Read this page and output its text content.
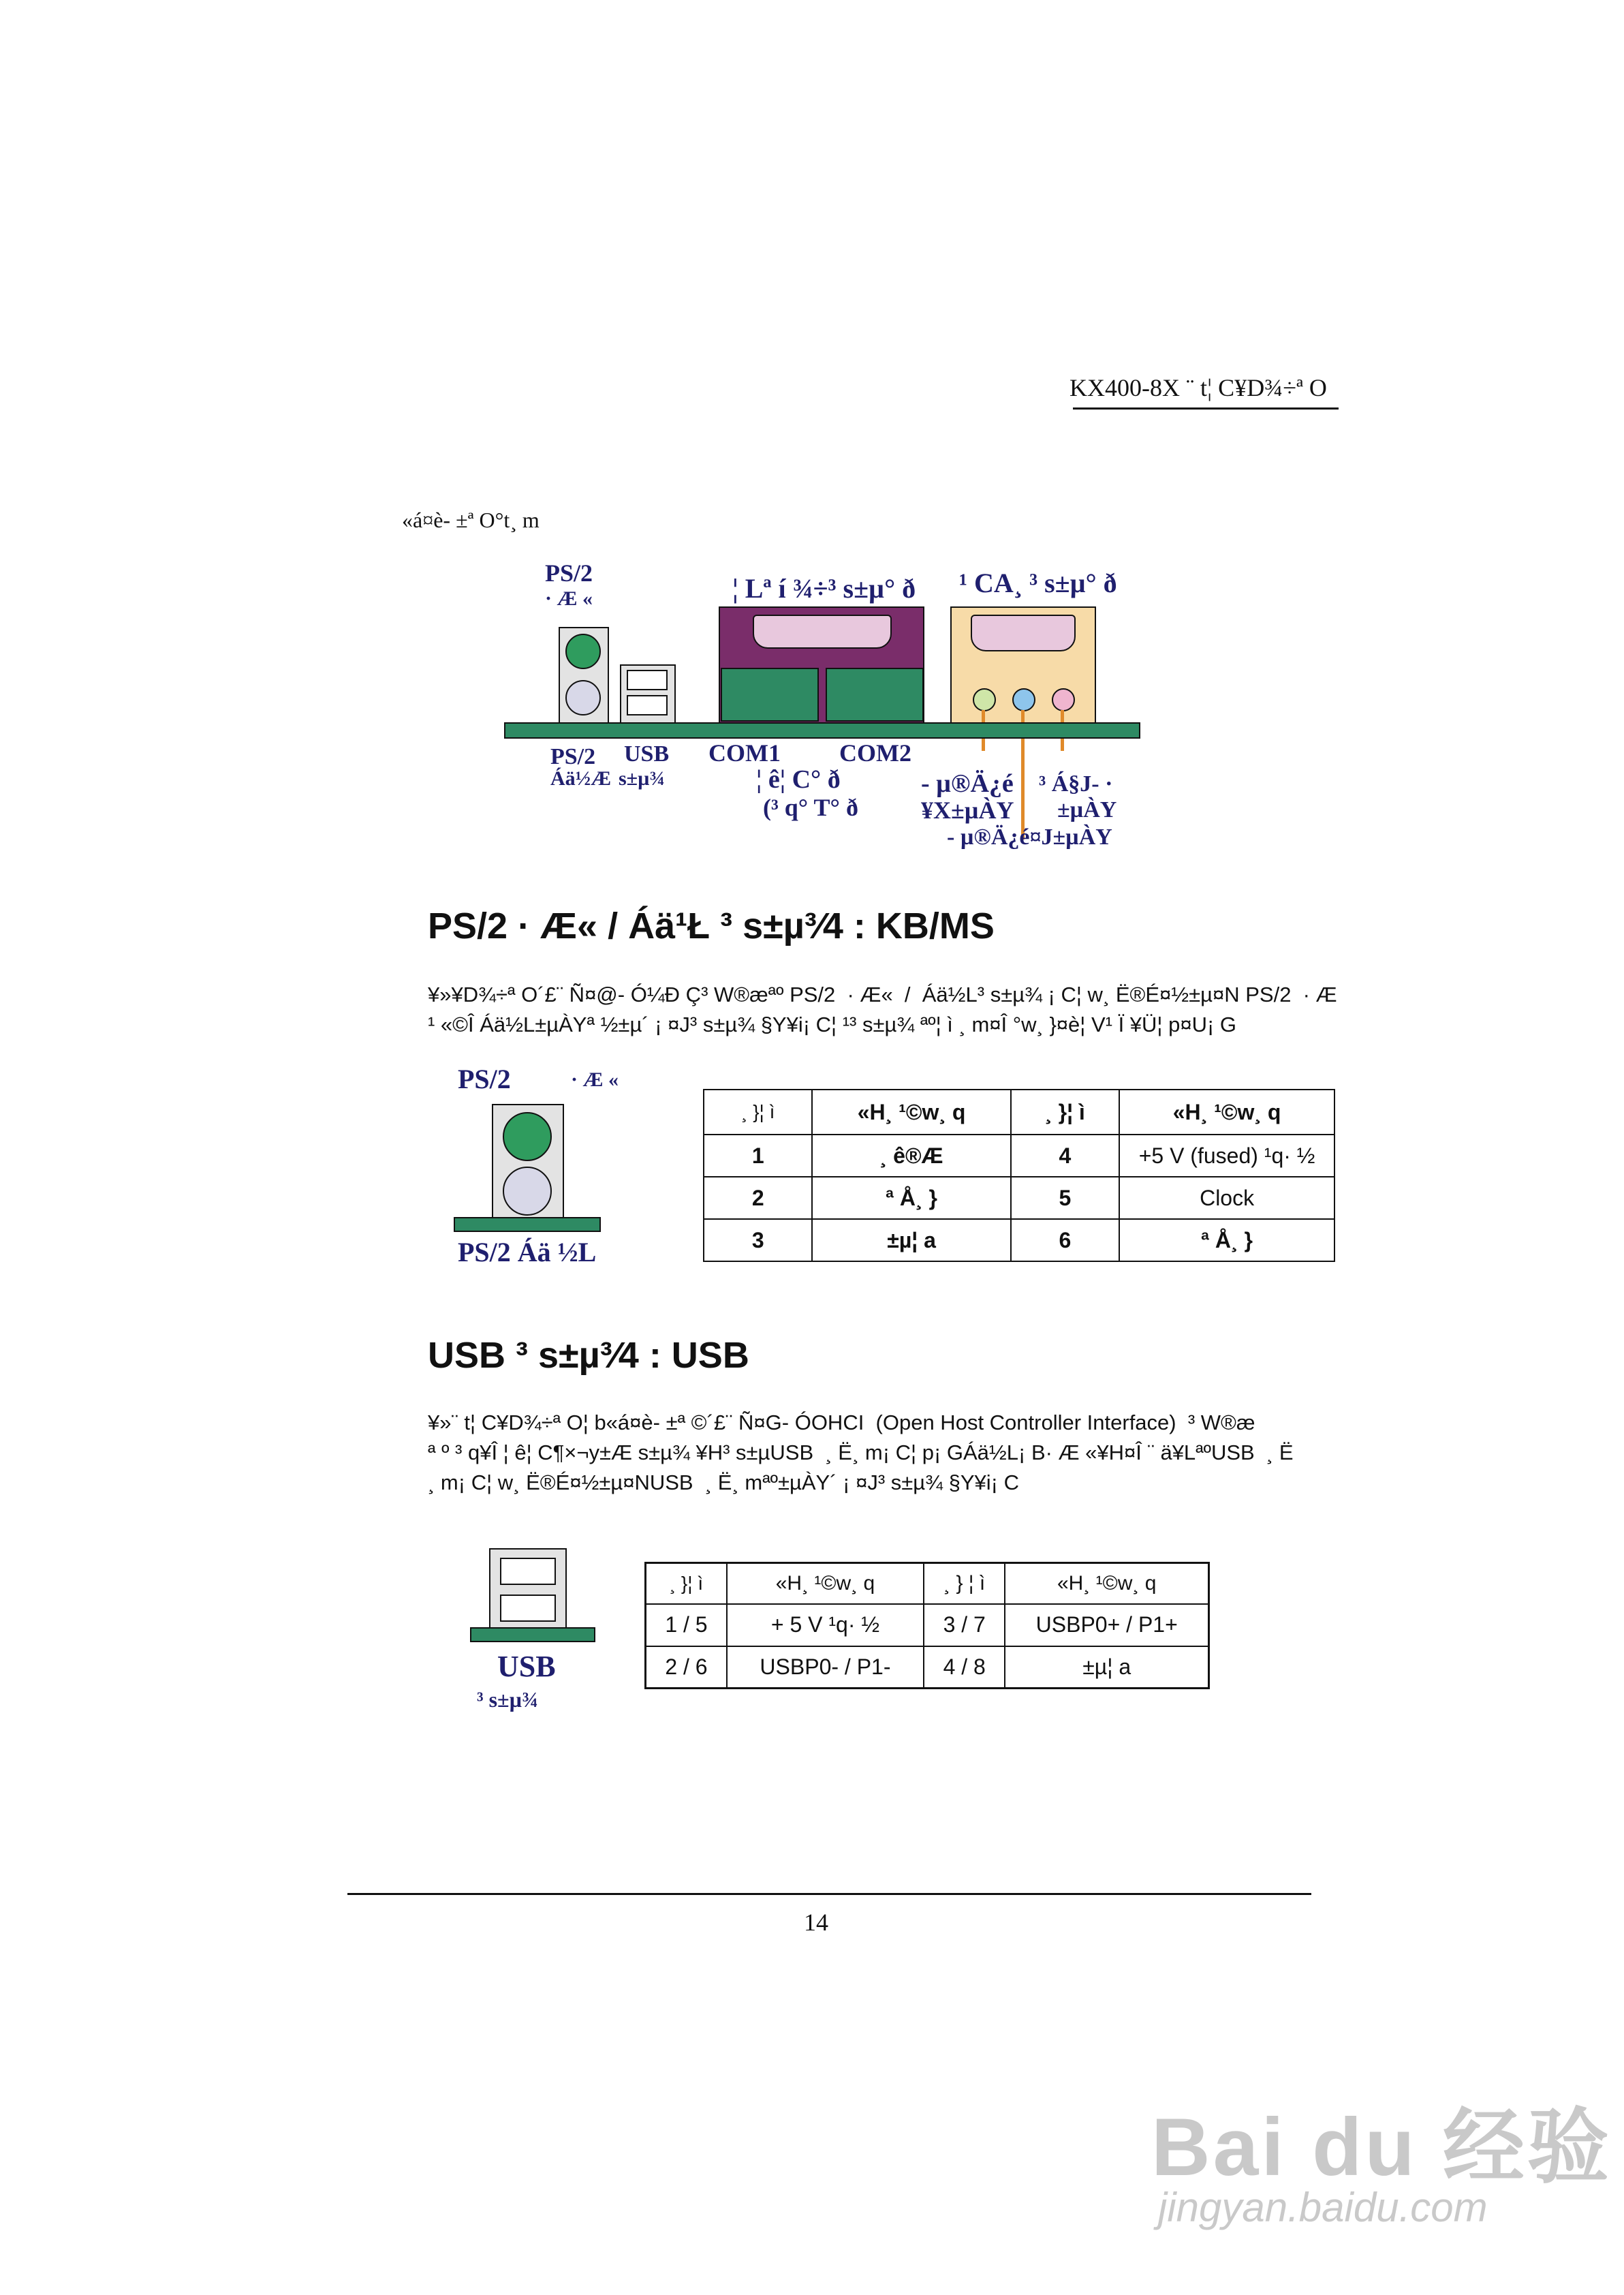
KX400-8X ¨ t¦ C¥D¾÷ª O
«á¤è- ±ª O°t¸ m
PS/2
· Æ «	¦ Lª í ¾÷³ s±µ° ð ¹ CA¸ ³ s±µ° ð
PS/2
Áä½Æ
USB
s±µ¾
COM1 COM2
¦ ê¦ C° ð
(³ q° T° ð
- µ®Ä¿é
¥X±µÀY
³ Á§J- ·
±µÀY
- µ®Ä¿é¤J±µÀY
PS/2 · Æ« / Áä¹Ł ³ s±µ³⁄4 : KB/MS
¥»¥D¾÷ª O´£¨ Ñ¤@- Ó¼Ð Ç³ W®æªº PS/2  · Æ«  /  Áä½L³ s±µ¾ ¡ C¦ w¸ Ë®É¤½±µ¤N PS/2  · Æ
¹ «©Î Áä½L±µÀYª ½±µ´ ¡ ¤J³ s±µ¾ §Y¥i¡ C¦ ¹³ s±µ¾ ªº¦ ì ¸ m¤Î °w¸ }¤è¦ V¹ Ï ¥Ü¦ p¤U¡ G
PS/2	· Æ «
PS/2 Áä ½L
¸ }¦ ì	«H¸ ¹©w¸ q	¸ }¦ ì	«H¸ ¹©w¸ q
1	¸ ê®Æ	4	+5 V (fused) ¹q· ½
2	ª Å¸ }	5	Clock
3	±µ¦ a	6	ª Å¸ }
USB ³ s±µ³⁄4 : USB
¥»¨ t¦ C¥D¾÷ª O¦ b«á¤è- ±ª ©´£¨ Ñ¤G- ÓOHCI  (Open Host Controller Interface)  ³ W®æ
ª º ³ q¥Î ¦ ê¦ C¶×¬y±Æ s±µ¾ ¥H³ s±µUSB  ¸ Ë¸ m¡ C¦ p¡ GÁä½L¡ B· Æ «¥H¤Î ¨ ä¥LªºUSB  ¸ Ë
¸ m¡ C¦ w¸ Ë®É¤½±µ¤NUSB  ¸ Ë¸ mªº±µÀY´ ¡ ¤J³ s±µ¾ §Y¥i¡ C
USB
³ s±µ¾
¸ }¦ ì	«H¸ ¹©w¸ q	¸ } ¦ ì	«H¸ ¹©w¸ q
1 / 5	+ 5 V ¹q· ½	3 / 7	USBP0+ / P1+
2 / 6	USBP0- / P1-	4 / 8	±µ¦ a
14
Bai du 经验
jingyan.baidu.com
